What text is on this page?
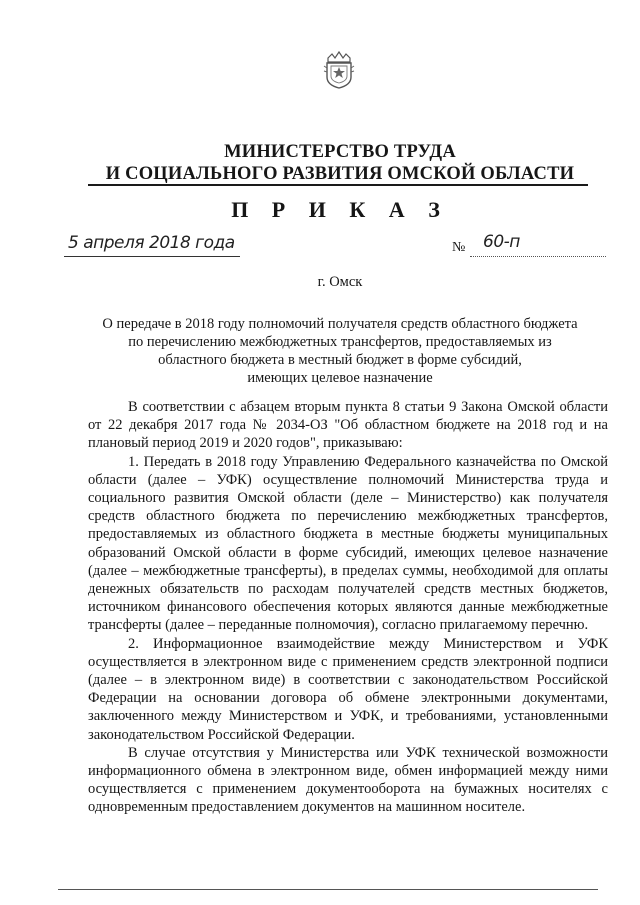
МИНИСТЕРСТВО ТРУДА
И СОЦИАЛЬНОГО РАЗВИТИЯ ОМСКОЙ ОБЛАСТИ
П Р И К А З
5 апреля 2018 года	№ 60-п
г. Омск
О передаче в 2018 году полномочий получателя средств областного бюджета
по перечислению межбюджетных трансфертов, предоставляемых из
областного бюджета в местный бюджет в форме субсидий,
имеющих целевое назначение

В соответствии с абзацем вторым пункта 8 статьи 9 Закона Омской области от 22 декабря 2017 года № 2034-ОЗ "Об областном бюджете на 2018 год и на плановый период 2019 и 2020 годов", приказываю:

1. Передать в 2018 году Управлению Федерального казначейства по Омской области (далее – УФК) осуществление полномочий Министерства труда и социального развития Омской области (деле – Министерство) как получателя средств областного бюджета по перечислению межбюджетных трансфертов, предоставляемых из областного бюджета в местные бюджеты муниципальных образований Омской области в форме субсидий, имеющих целевое назначение (далее – межбюджетные трансферты), в пределах суммы, необходимой для оплаты денежных обязательств по расходам получателей средств местных бюджетов, источником финансового обеспечения которых являются данные межбюджетные трансферты (далее – переданные полномочия), согласно прилагаемому перечню.

2. Информационное взаимодействие между Министерством и УФК осуществляется в электронном виде с применением средств электронной подписи (далее – в электронном виде) в соответствии с законодательством Российской Федерации на основании договора об обмене электронными документами, заключенного между Министерством и УФК, и требованиями, установленными законодательством Российской Федерации.

В случае отсутствия у Министерства или УФК технической возможности информационного обмена в электронном виде, обмен информацией между ними осуществляется с применением документооборота на бумажных носителях с одновременным предоставлением документов на машинном носителе.
